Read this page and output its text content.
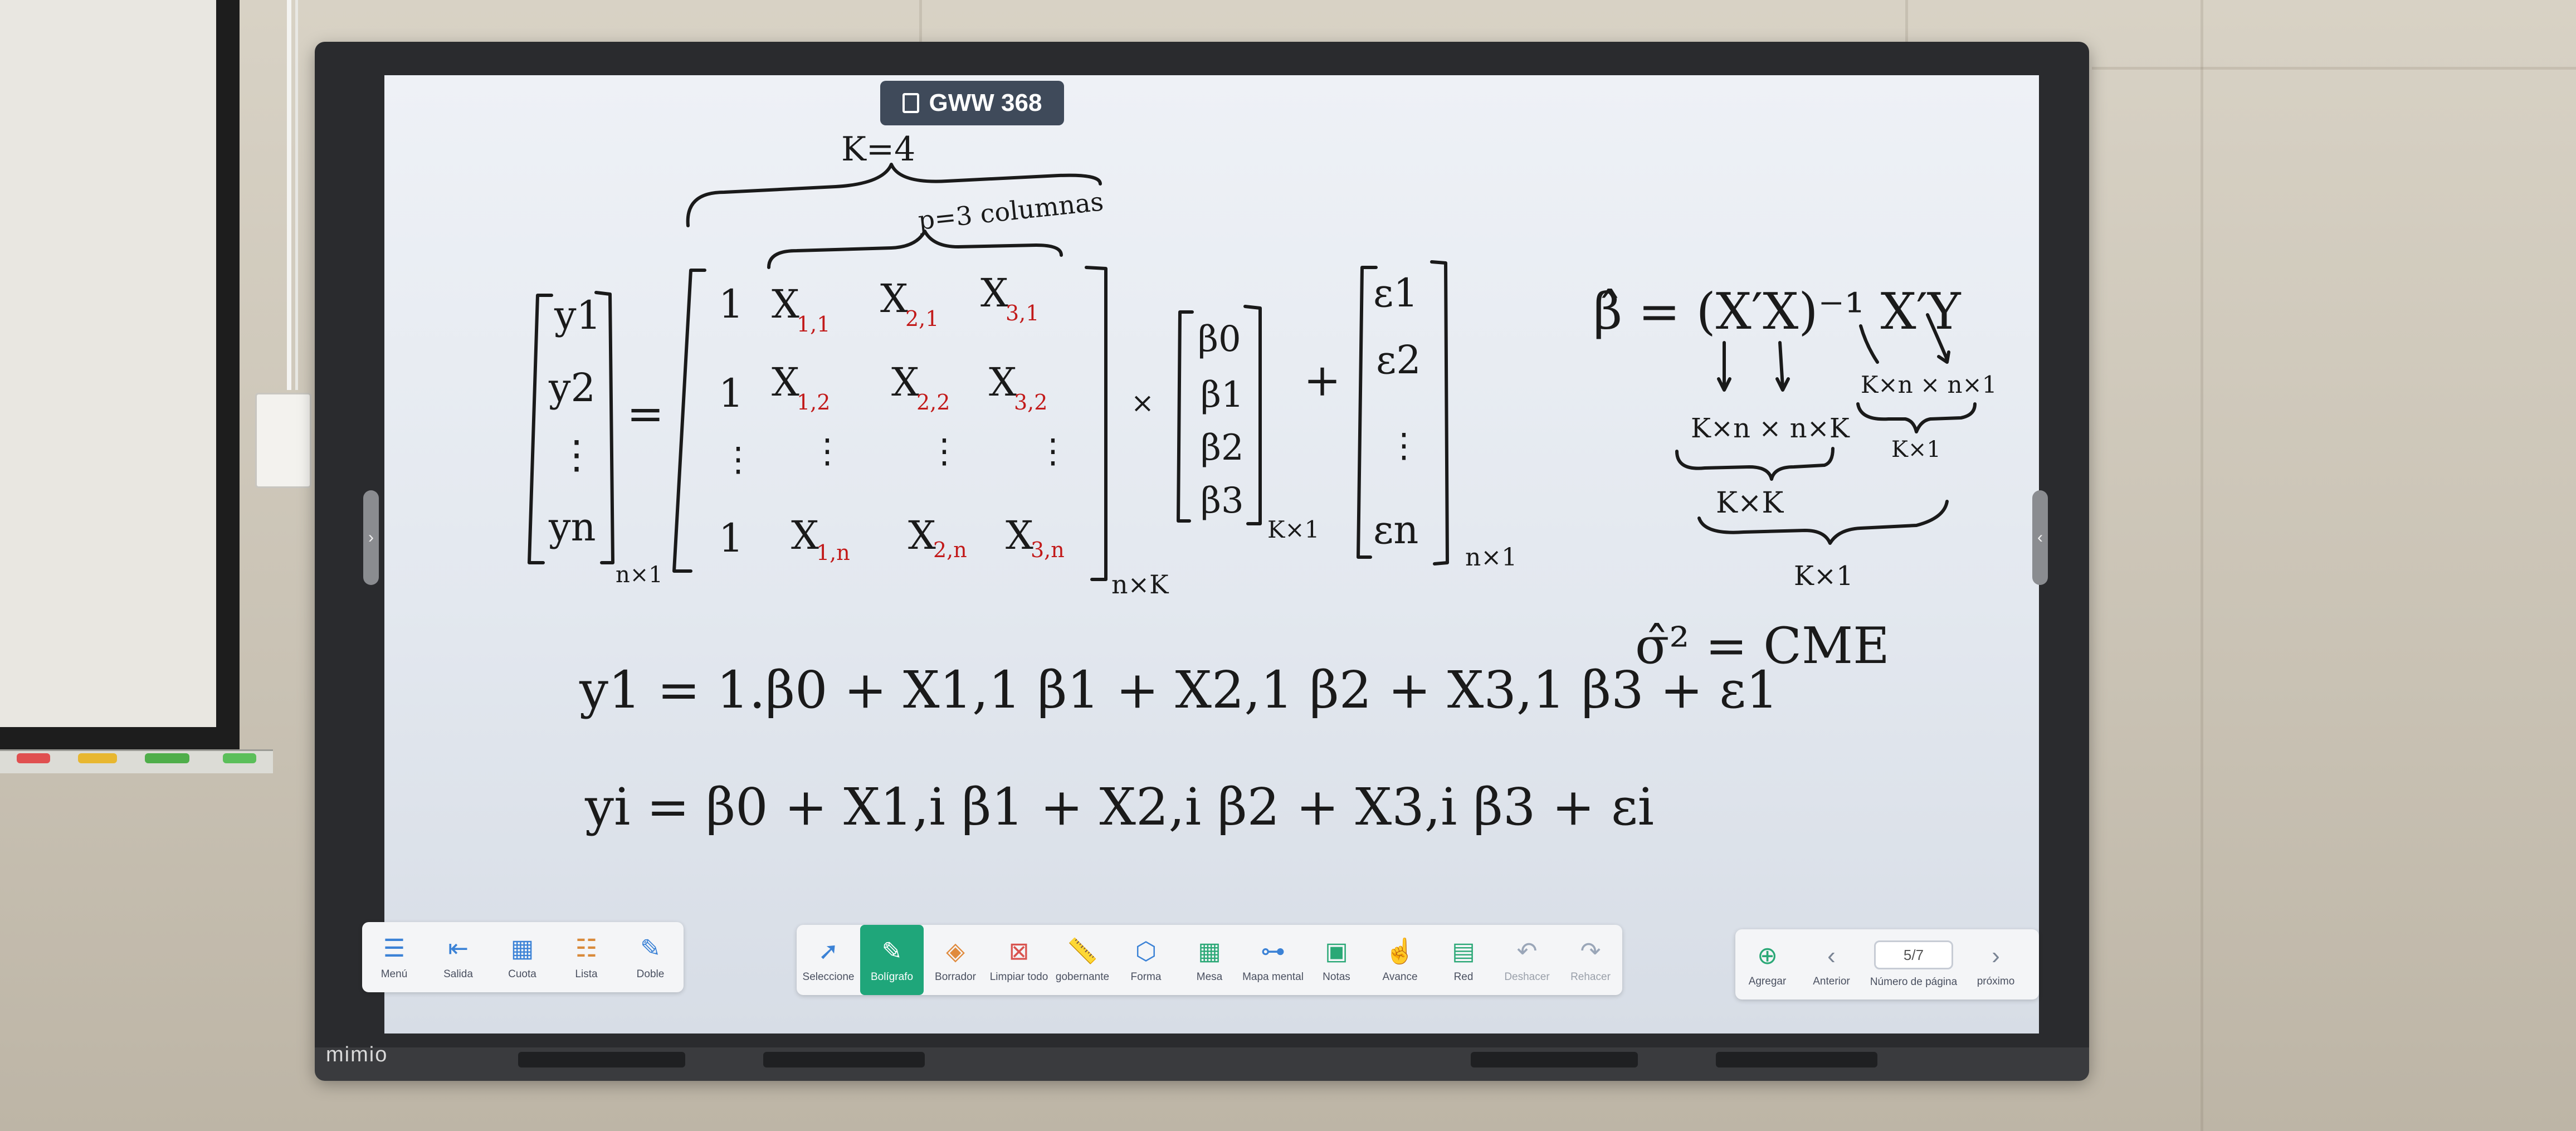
mimio
›	‹
GWW 368
K=4
p=3 columnas
y1
y2
⋮
yn
n×1
=
1 X
1,1
X
2,1
X
3,1
1 X
1,2 X
2,2 X
3,2
⋮ ⋮	⋮ ⋮
1 X
1,n X
2,n X
3,n
n×K
×
β0
β1
β2
β3
K×1
+
ε1
ε2
⋮
εn
n×1
β̂ = (X′X)⁻¹ X′Y
K×n × n×K
K×n × n×1
K×1
K×K
K×1
σ̂² = CME
y1 = 1.β0 + X1,1 β1 + X2,1 β2 + X3,1 β3 + ε1
yi = β0 + X1,i β1 + X2,i β2 + X3,i β3 + εi
☰
Menú
⇤
Salida
▦
Cuota
☷
Lista
✎
Doble
➚
Seleccione
✎
Bolígrafo
◈
Borrador
⊠
Limpiar todo
📏
gobernante
⬡
Forma
▦
Mesa
⊶
Mapa mental
▣
Notas
☝
Avance
▤
Red
↶
Deshacer
↷
Rehacer
⊕
Agregar
‹
Anterior
5/7
Número de página
›
próximo
